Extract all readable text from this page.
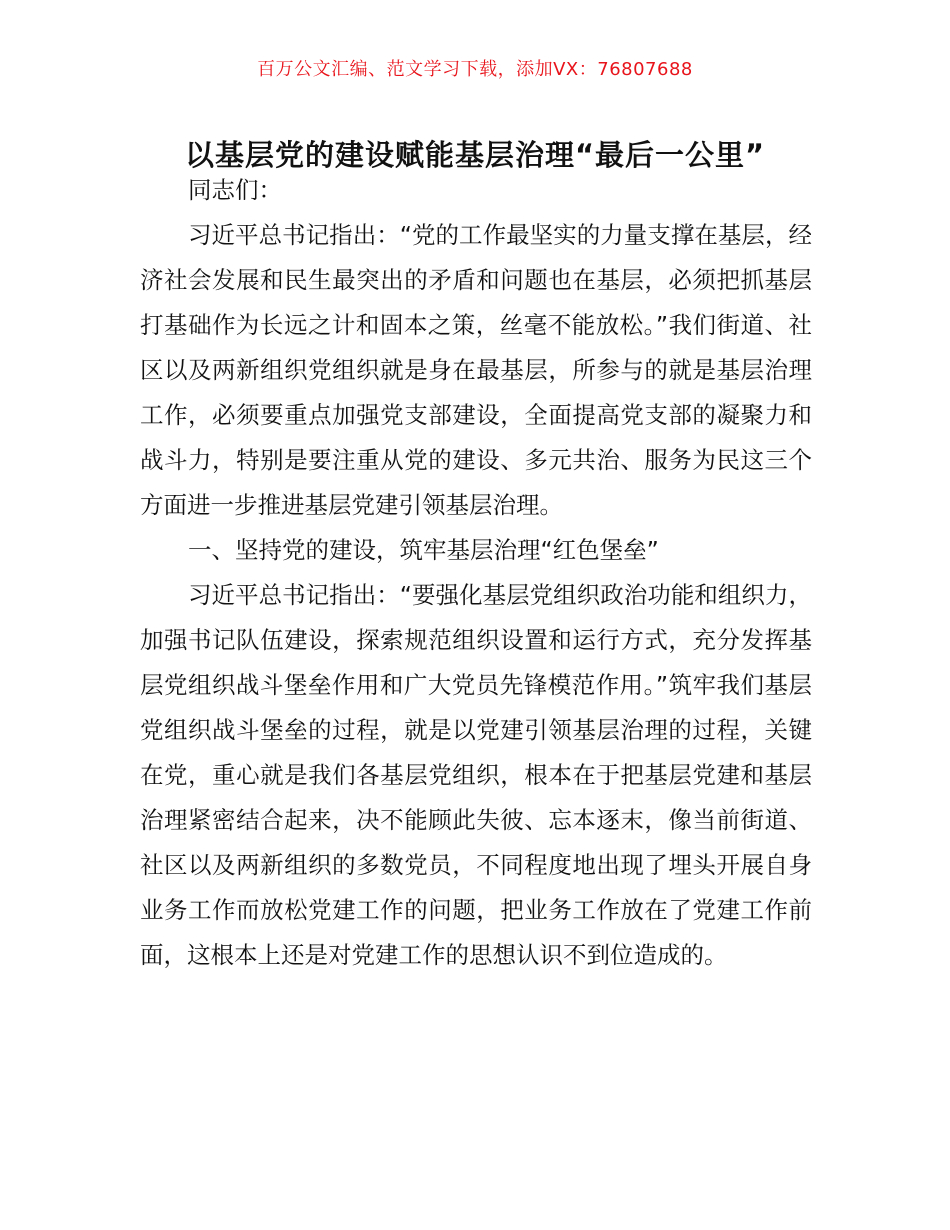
百万公文汇编、范文学习下载，添加VX：76807688
以基层党的建设赋能基层治理“最后一公里”

同志们：

习近平总书记指出：“党的工作最坚实的力量支撑在基层，经济社会发展和民生最突出的矛盾和问题也在基层，必须把抓基层打基础作为长远之计和固本之策，丝毫不能放松。”我们街道、社区以及两新组织党组织就是身在最基层，所参与的就是基层治理工作，必须要重点加强党支部建设，全面提高党支部的凝聚力和战斗力，特别是要注重从党的建设、多元共治、服务为民这三个方面进一步推进基层党建引领基层治理。

一、坚持党的建设，筑牢基层治理“红色堡垒”

习近平总书记指出：“要强化基层党组织政治功能和组织力，加强书记队伍建设，探索规范组织设置和运行方式，充分发挥基层党组织战斗堡垒作用和广大党员先锋模范作用。”筑牢我们基层党组织战斗堡垒的过程，就是以党建引领基层治理的过程，关键在党，重心就是我们各基层党组织，根本在于把基层党建和基层治理紧密结合起来，决不能顾此失彼、忘本逐末，像当前街道、社区以及两新组织的多数党员，不同程度地出现了埋头开展自身业务工作而放松党建工作的问题，把业务工作放在了党建工作前面，这根本上还是对党建工作的思想认识不到位造成的。
